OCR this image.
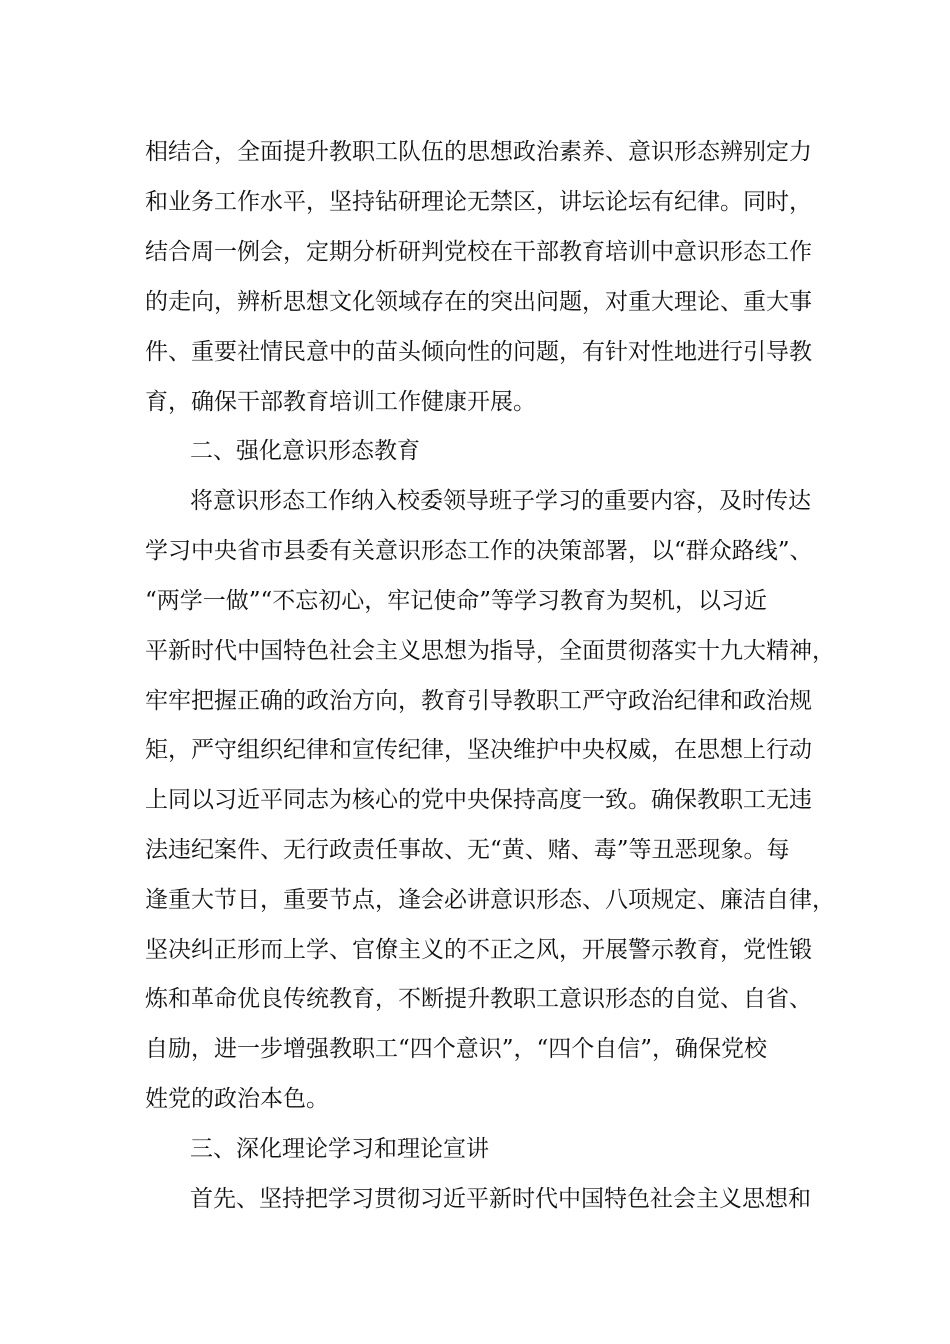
相结合，全面提升教职工队伍的思想政治素养、意识形态辨别定力
和业务工作水平，坚持钻研理论无禁区，讲坛论坛有纪律。同时，
结合周一例会，定期分析研判党校在干部教育培训中意识形态工作
的走向，辨析思想文化领域存在的突出问题，对重大理论、重大事
件、重要社情民意中的苗头倾向性的问题，有针对性地进行引导教
育，确保干部教育培训工作健康开展。
二、强化意识形态教育
将意识形态工作纳入校委领导班子学习的重要内容，及时传达
学习中央省市县委有关意识形态工作的决策部署，以“群众路线”、
“两学一做”“不忘初心，牢记使命”等学习教育为契机，以习近
平新时代中国特色社会主义思想为指导，全面贯彻落实十九大精神，
牢牢把握正确的政治方向，教育引导教职工严守政治纪律和政治规
矩，严守组织纪律和宣传纪律，坚决维护中央权威，在思想上行动
上同以习近平同志为核心的党中央保持高度一致。确保教职工无违
法违纪案件、无行政责任事故、无“黄、赌、毒”等丑恶现象。每
逢重大节日，重要节点，逢会必讲意识形态、八项规定、廉洁自律，
坚决纠正形而上学、官僚主义的不正之风，开展警示教育，党性锻
炼和革命优良传统教育，不断提升教职工意识形态的自觉、自省、
自励，进一步增强教职工“四个意识”，“四个自信”，确保党校
姓党的政治本色。
三、深化理论学习和理论宣讲
首先、坚持把学习贯彻习近平新时代中国特色社会主义思想和
